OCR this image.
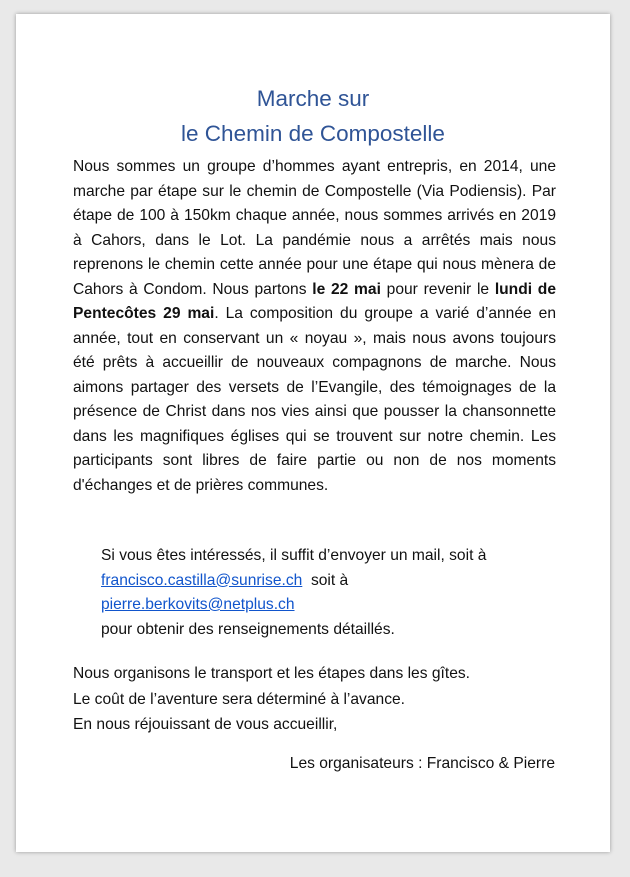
Marche sur
le Chemin de Compostelle
Nous sommes un groupe d’hommes ayant entrepris, en 2014, une marche par étape sur le chemin de Compostelle (Via Podiensis). Par étape de 100 à 150km chaque année, nous sommes arrivés en 2019 à Cahors, dans le Lot. La pandémie nous a arrêtés mais nous reprenons le chemin cette année pour une étape qui nous mènera de Cahors à Condom. Nous partons le 22 mai pour revenir le lundi de Pentecôtes 29 mai. La composition du groupe a varié d’année en année, tout en conservant un « noyau », mais nous avons toujours été prêts à accueillir de nouveaux compagnons de marche. Nous aimons partager des versets de l’Evangile, des témoignages de la présence de Christ dans nos vies ainsi que pousser la chansonnette dans les magnifiques églises qui se trouvent sur notre chemin. Les participants sont libres de faire partie ou non de nos moments d'échanges et de prières communes.
Si vous êtes intéressés, il suffit d’envoyer un mail, soit à
francisco.castilla@sunrise.ch  soit à
pierre.berkovits@netplus.ch
pour obtenir des renseignements détaillés.
Nous organisons le transport et les étapes dans les gîtes.
Le coût de l’aventure sera déterminé à l’avance.
En nous réjouissant de vous accueillir,
Les organisateurs : Francisco & Pierre
